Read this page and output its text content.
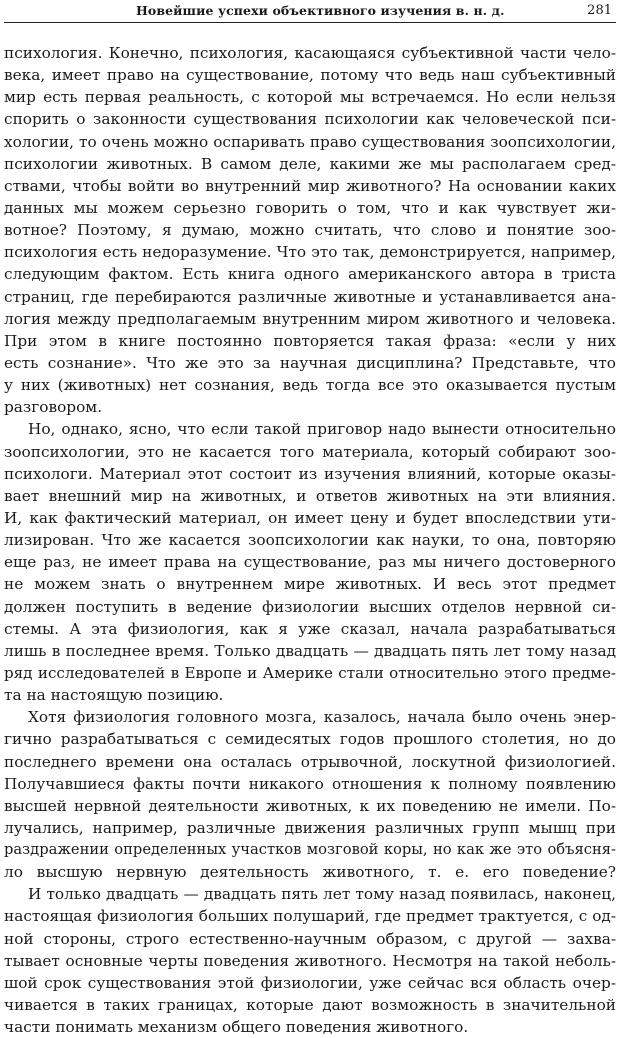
Новейшие успехи объективного изучения в. н. д.	281
психология. Конечно, психология, касающаяся субъективной части чело-
века, имеет право на существование, потому что ведь наш субъективный
мир есть первая реальность, с которой мы встречаемся. Но если нельзя
спорить о законности существования психологии как человеческой пси-
хологии, то очень можно оспаривать право существования зоопсихологии,
психологии животных. В самом деле, какими же мы располагаем сред-
ствами, чтобы войти во внутренний мир животного? На основании каких
данных мы можем серьезно говорить о том, что и как чувствует жи-
вотное? Поэтому, я думаю, можно считать, что слово и понятие зоо-
психология есть недоразумение. Что это так, демонстрируется, например,
следующим фактом. Есть книга одного американского автора в триста
страниц, где перебираются различные животные и устанавливается ана-
логия между предполагаемым внутренним миром животного и человека.
При этом в книге постоянно повторяется такая фраза: «если у них
есть сознание». Что же это за научная дисциплина? Представьте, что
у них (животных) нет сознания, ведь тогда все это оказывается пустым
разговором.
Но, однако, ясно, что если такой приговор надо вынести относительно
зоопсихологии, это не касается того материала, который собирают зоо-
психологи. Материал этот состоит из изучения влияний, которые оказы-
вает внешний мир на животных, и ответов животных на эти влияния.
И, как фактический материал, он имеет цену и будет впоследствии ути-
лизирован. Что же касается зоопсихологии как науки, то она, повторяю
еще раз, не имеет права на существование, раз мы ничего достоверного
не можем знать о внутреннем мире животных. И весь этот предмет
должен поступить в ведение физиологии высших отделов нервной си-
стемы. А эта физиология, как я уже сказал, начала разрабатываться
лишь в последнее время. Только двадцать — двадцать пять лет тому назад
ряд исследователей в Европе и Америке стали относительно этого предме-
та на настоящую позицию.
Хотя физиология головного мозга, казалось, начала было очень энер-
гично разрабатываться с семидесятых годов прошлого столетия, но до
последнего времени она осталась отрывочной, лоскутной физиологией.
Получавшиеся факты почти никакого отношения к полному появлению
высшей нервной деятельности животных, к их поведению не имели. По-
лучались, например, различные движения различных групп мышц при
раздражении определенных участков мозговой коры, но как же это объясня-
ло высшую нервную деятельность животного, т. е. его поведение?
И только двадцать — двадцать пять лет тому назад появилась, наконец,
настоящая физиология больших полушарий, где предмет трактуется, с од-
ной стороны, строго естественно-научным образом, с другой — захва-
тывает основные черты поведения животного. Несмотря на такой неболь-
шой срок существования этой физиологии, уже сейчас вся область очер-
чивается в таких границах, которые дают возможность в значительной
части понимать механизм общего поведения животного.
